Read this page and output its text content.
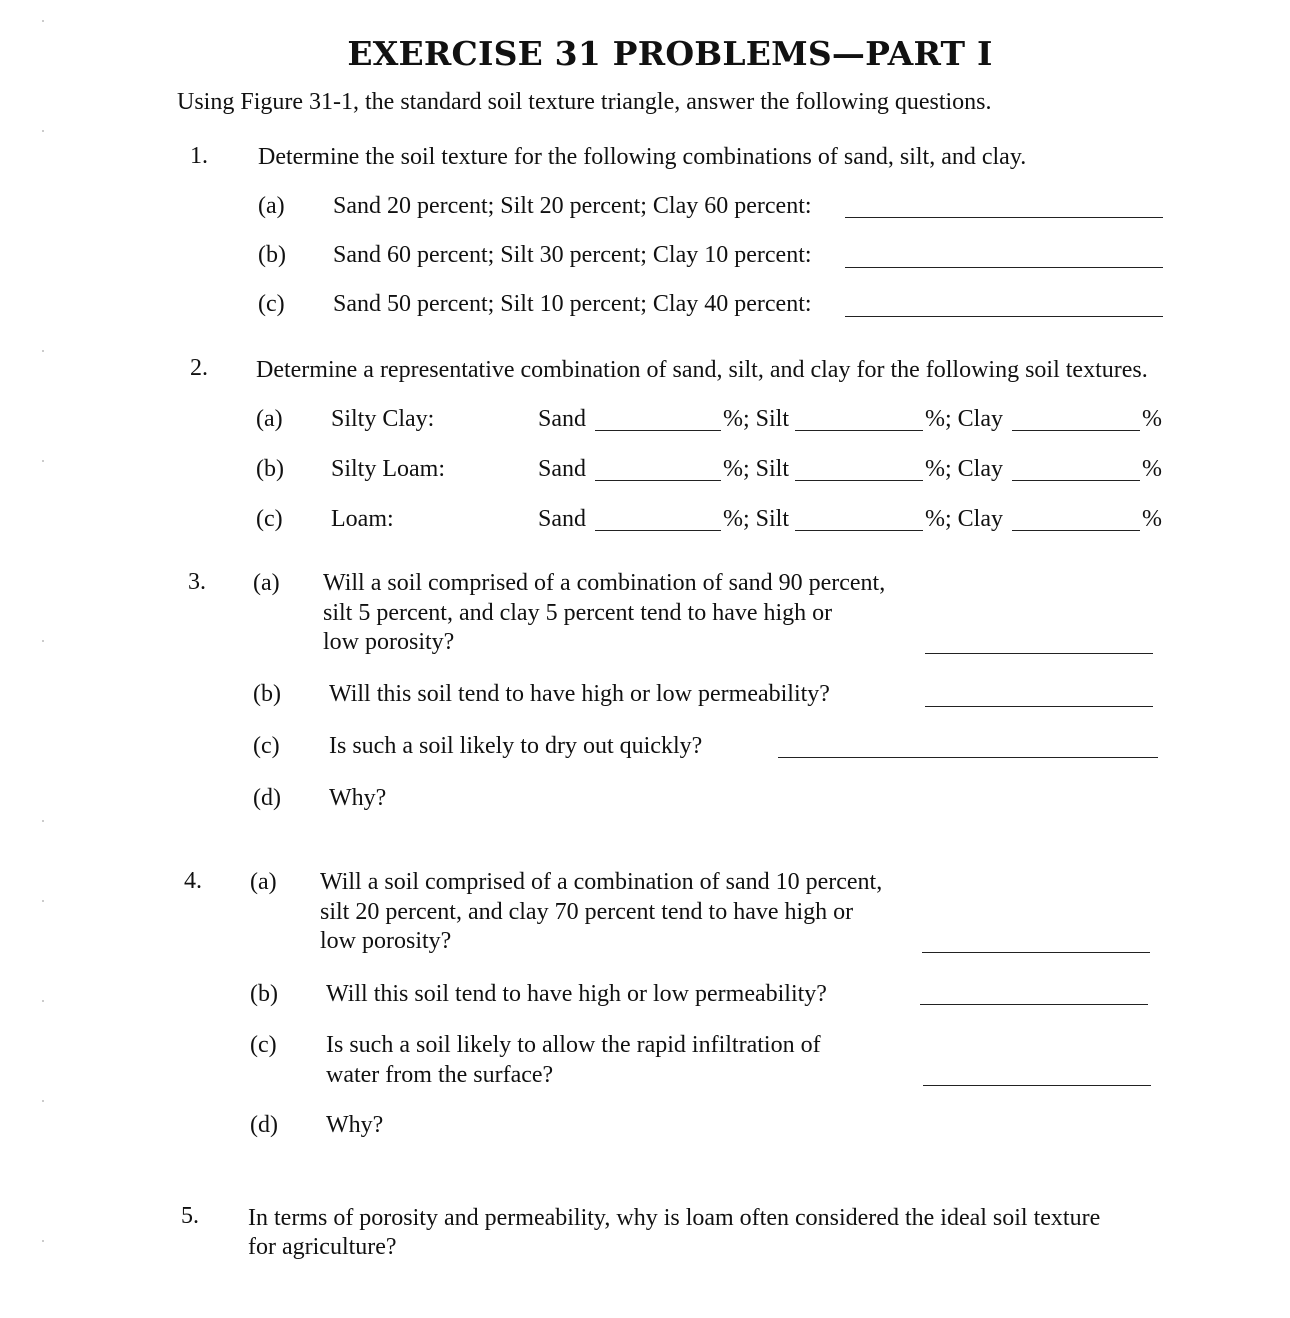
EXERCISE 31 PROBLEMS—PART I
Using Figure 31-1, the standard soil texture triangle, answer the following questions.
1. Determine the soil texture for the following combinations of sand, silt, and clay.
(a) Sand 20 percent; Silt 20 percent; Clay 60 percent:
(b) Sand 60 percent; Silt 30 percent; Clay 10 percent:
(c) Sand 50 percent; Silt 10 percent; Clay 40 percent:
2. Determine a representative combination of sand, silt, and clay for the following soil textures.
(a) Silty Clay:	Sand	%; Silt	%; Clay	%
(b) Silty Loam:	Sand	%; Silt	%; Clay	%
(c) Loam:	Sand	%; Silt	%; Clay	%
3. (a) Will a soil comprised of a combination of sand 90 percent,
silt 5 percent, and clay 5 percent tend to have high or
low porosity?
(b) Will this soil tend to have high or low permeability?
(c) Is such a soil likely to dry out quickly?
(d) Why?
4. (a) Will a soil comprised of a combination of sand 10 percent,
silt 20 percent, and clay 70 percent tend to have high or
low porosity?
(b) Will this soil tend to have high or low permeability?
(c) Is such a soil likely to allow the rapid infiltration of
water from the surface?
(d) Why?
5. In terms of porosity and permeability, why is loam often considered the ideal soil texture
for agriculture?
